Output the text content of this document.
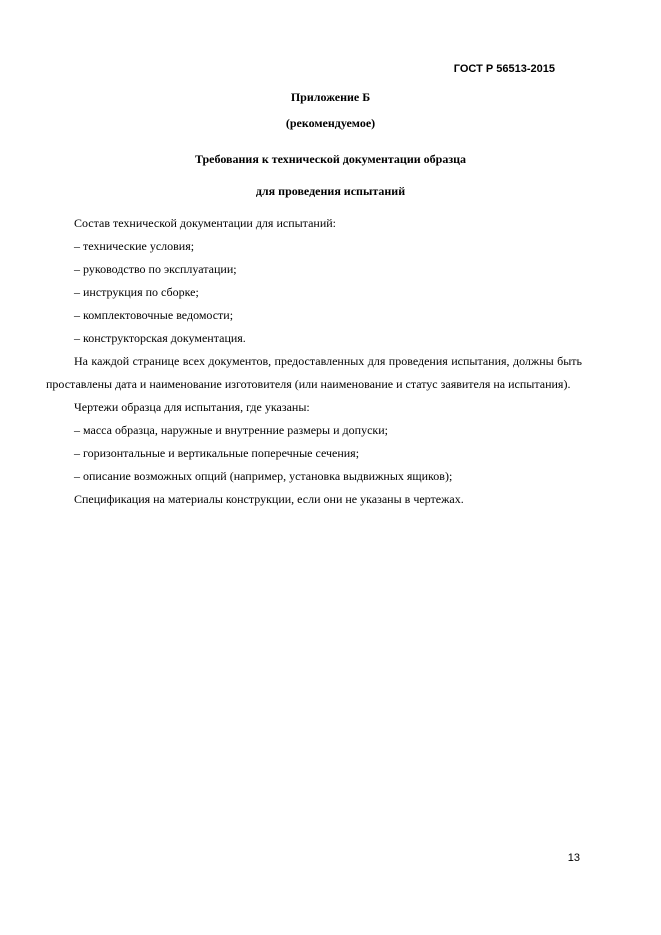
ГОСТ Р 56513-2015
Приложение Б
(рекомендуемое)
Требования к технической документации образца
для проведения испытаний

Состав технической документации для испытаний:

– технические условия;

– руководство по эксплуатации;

– инструкция по сборке;

– комплектовочные ведомости;

– конструкторская документация.

На каждой странице всех документов, предоставленных для проведения испытания, должны быть проставлены дата и наименование изготовителя (или наименование и статус заявителя на испытания).

Чертежи образца для испытания, где указаны:

– масса образца, наружные и внутренние размеры и допуски;

– горизонтальные и вертикальные поперечные сечения;

– описание возможных опций (например, установка выдвижных ящиков);

Спецификация на материалы конструкции, если они не указаны в чертежах.

13
